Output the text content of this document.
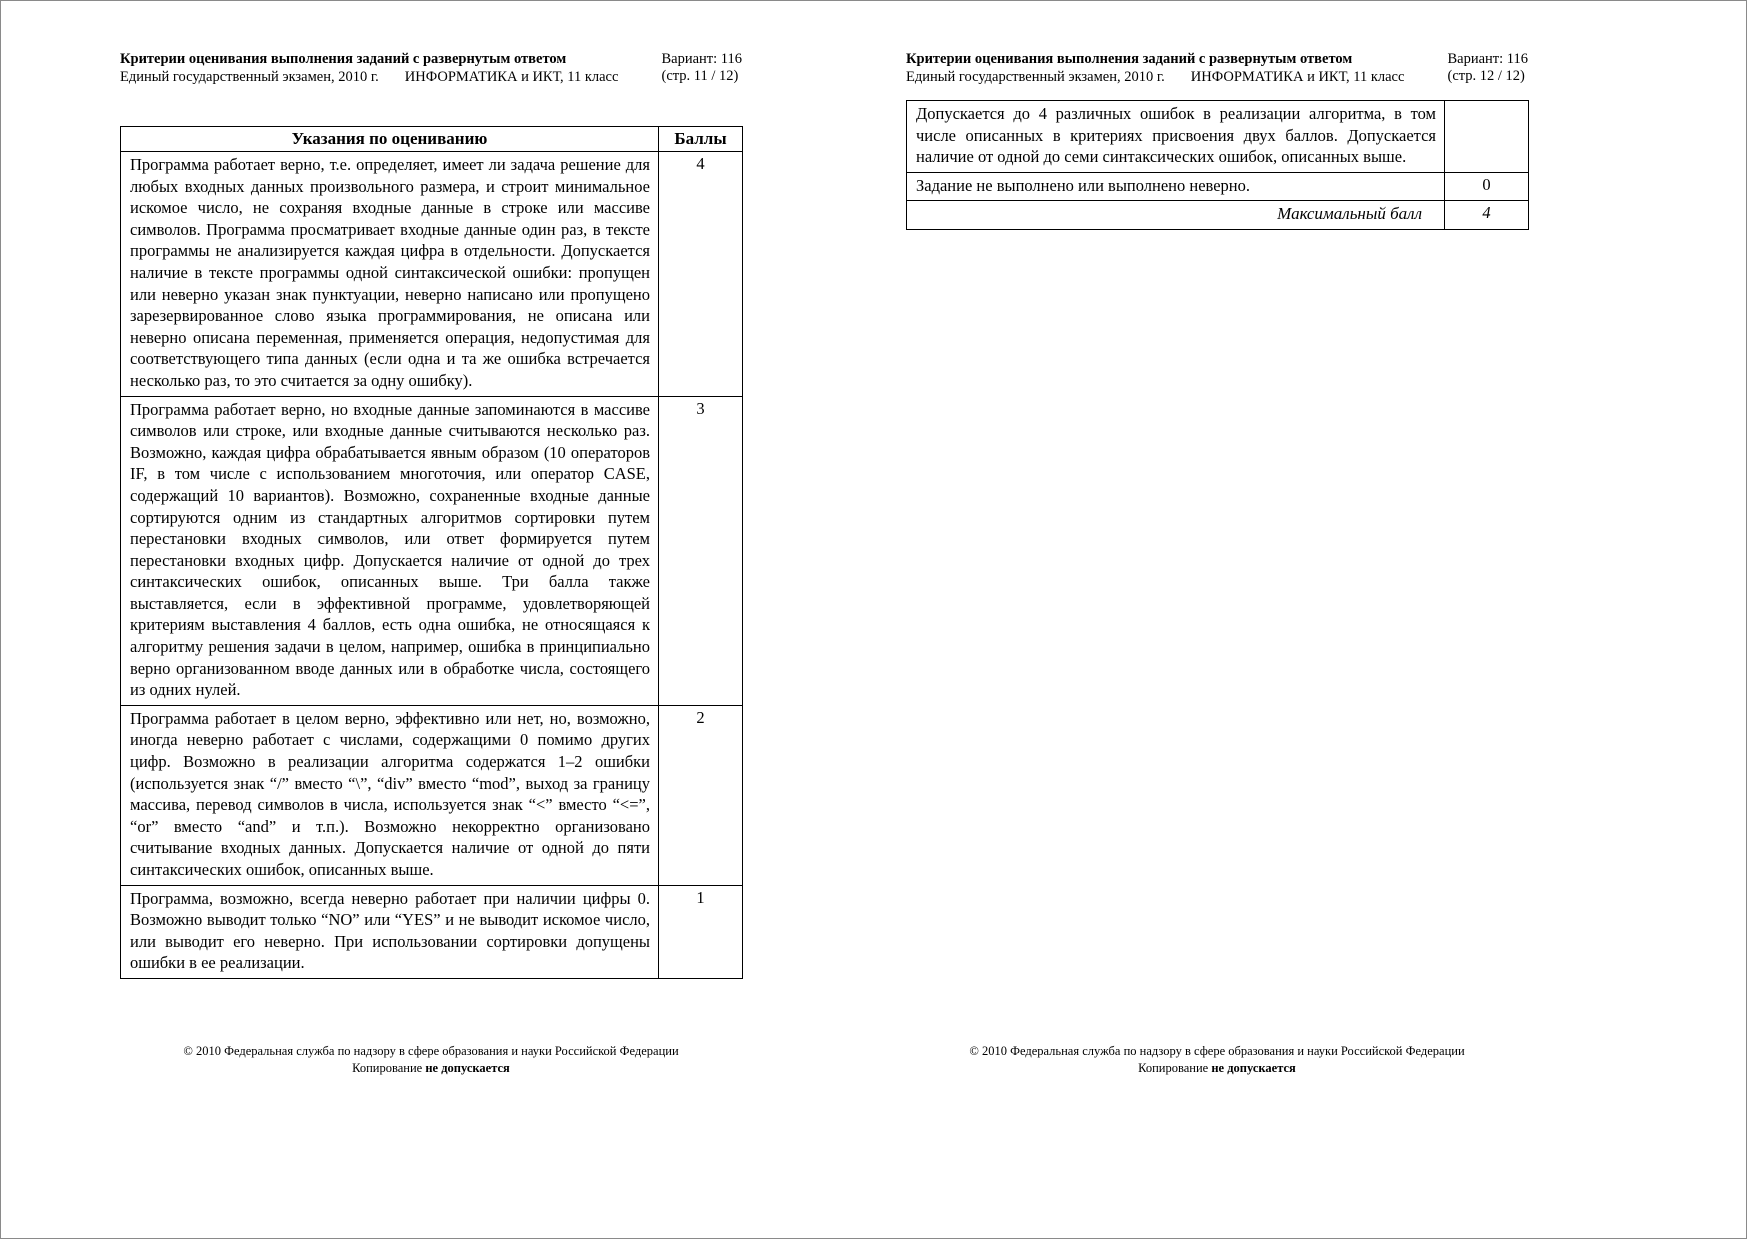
Критерии оценивания выполнения заданий с развернутым ответом
Единый государственный экзамен, 2010 г. ИНФОРМАТИКА и ИКТ, 11 класс
Вариант: 116
(стр. 11 / 12)
Указания по оцениванию	Баллы
Программа работает верно, т.е. определяет, имеет ли задача решение для любых входных данных произвольного размера, и строит минимальное искомое число, не сохраняя входные данные в строке или массиве символов. Программа просматривает входные данные один раз, в тексте программы не анализируется каждая цифра в отдельности. Допускается наличие в тексте программы одной синтаксической ошибки: пропущен или неверно указан знак пунктуации, неверно написано или пропущено зарезервированное слово языка программирования, не описана или неверно описана переменная, применяется операция, недопустимая для соответствующего типа данных (если одна и та же ошибка встречается несколько раз, то это считается за одну ошибку).	4
Программа работает верно, но входные данные запоминаются в массиве символов или строке, или входные данные считываются несколько раз. Возможно, каждая цифра обрабатывается явным образом (10 операторов IF, в том числе с использованием многоточия, или оператор CASE, содержащий 10 вариантов). Возможно, сохраненные входные данные сортируются одним из стандартных алгоритмов сортировки путем перестановки входных символов, или ответ формируется путем перестановки входных цифр. Допускается наличие от одной до трех синтаксических ошибок, описанных выше. Три балла также выставляется, если в эффективной программе, удовлетворяющей критериям выставления 4 баллов, есть одна ошибка, не относящаяся к алгоритму решения задачи в целом, например, ошибка в принципиально верно организованном вводе данных или в обработке числа, состоящего из одних нулей.	3
Программа работает в целом верно, эффективно или нет, но, возможно, иногда неверно работает с числами, содержащими 0 помимо других цифр. Возможно в реализации алгоритма содержатся 1–2 ошибки (используется знак “/” вместо “\”, “div” вместо “mod”, выход за границу массива, перевод символов в числа, используется знак “<” вместо “<=”, “or” вместо “and” и т.п.). Возможно некорректно организовано считывание входных данных. Допускается наличие от одной до пяти синтаксических ошибок, описанных выше.	2
Программа, возможно, всегда неверно работает при наличии цифры 0. Возможно выводит только “NO” или “YES” и не выводит искомое число, или выводит его неверно. При использовании сортировки допущены ошибки в ее реализации.	1
© 2010 Федеральная служба по надзору в сфере образования и науки Российской Федерации
Копирование не допускается
Критерии оценивания выполнения заданий с развернутым ответом
Единый государственный экзамен, 2010 г. ИНФОРМАТИКА и ИКТ, 11 класс
Вариант: 116
(стр. 12 / 12)
Допускается до 4 различных ошибок в реализации алгоритма, в том числе описанных в критериях присвоения двух баллов. Допускается наличие от одной до семи синтаксических ошибок, описанных выше.	
Задание не выполнено или выполнено неверно.	0
Максимальный балл	4
© 2010 Федеральная служба по надзору в сфере образования и науки Российской Федерации
Копирование не допускается
